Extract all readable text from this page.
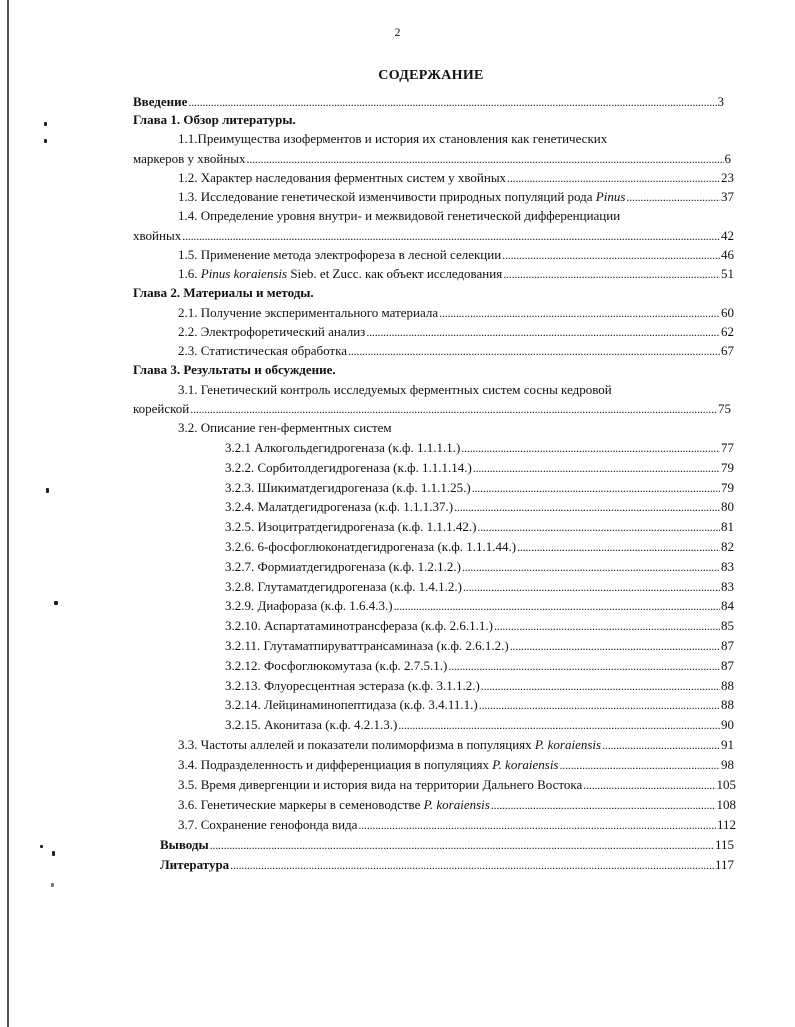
2
СОДЕРЖАНИЕ
Введение . . .	3
Глава 1. Обзор литературы.
1.1.Преимущества изоферментов и история их становления как генетических
маркеров у хвойных . . .	6
1.2. Характер наследования ферментных систем у хвойных . . .	23
1.3. Исследование генетической изменчивости природных популяций рода Pinus . . .	37
1.4. Определение уровня внутри- и межвидовой генетической дифференциации
хвойных . . .	42
1.5. Применение метода электрофореза в лесной селекции . . .	46
1.6. Pinus koraiensis Sieb. et Zucc. как объект исследования . . .	51
Глава 2. Материалы и методы.
2.1. Получение экспериментального материала . . .	60
2.2. Электрофоретический анализ . . .	62
2.3. Статистическая обработка . . .	67
Глава 3. Результаты и обсуждение.
3.1. Генетический контроль исследуемых ферментных систем сосны кедровой
корейской . . .	75
3.2. Описание ген-ферментных систем
3.2.1 Алкогольдегидрогеназа (к.ф. 1.1.1.1.) . . .	77
3.2.2. Сорбитолдегидрогеназа (к.ф. 1.1.1.14.) . . .	79
3.2.3. Шикиматдегидрогеназа (к.ф. 1.1.1.25.) . . .	79
3.2.4. Малатдегидрогеназа (к.ф. 1.1.1.37.) . . .	80
3.2.5. Изоцитратдегидрогеназа (к.ф. 1.1.1.42.) . . .	81
3.2.6. 6-фосфоглюконатдегидрогеназа (к.ф. 1.1.1.44.) . . .	82
3.2.7. Формиатдегидрогеназа (к.ф. 1.2.1.2.) . . .	83
3.2.8. Глутаматдегидрогеназа (к.ф. 1.4.1.2.) . . .	83
3.2.9. Диафораза (к.ф. 1.6.4.3.) . . .	84
3.2.10. Аспартатаминотрансфераза (к.ф. 2.6.1.1.) . . .	85
3.2.11. Глутаматпируваттрансаминаза (к.ф. 2.6.1.2.) . . .	87
3.2.12. Фосфоглюкомутаза (к.ф. 2.7.5.1.) . . .	87
3.2.13. Флуоресцентная эстераза (к.ф. 3.1.1.2.) . . .	88
3.2.14. Лейцинаминопептидаза (к.ф. 3.4.11.1.) . . .	88
3.2.15. Аконитаза (к.ф. 4.2.1.3.) . . .	90
3.3. Частоты аллелей и показатели полиморфизма в популяциях P. koraiensis . . .	91
3.4. Подразделенность и дифференциация в популяциях P. koraiensis . . .	98
3.5. Время дивергенции и история вида на территории Дальнего Востока . . .	105
3.6. Генетические маркеры в семеноводстве P. koraiensis . . .	108
3.7. Сохранение генофонда вида . . .	112
Выводы . . .	115
Литература . . .	117
